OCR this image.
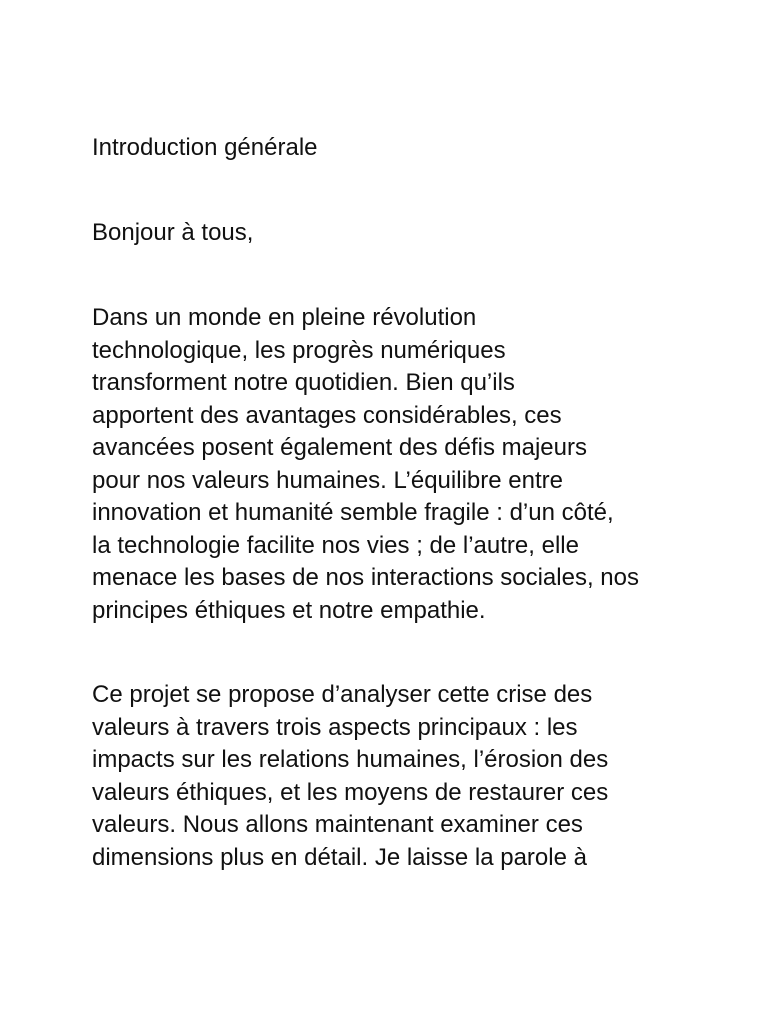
Introduction générale
Bonjour à tous,
Dans un monde en pleine révolution
technologique, les progrès numériques
transforment notre quotidien. Bien qu’ils
apportent des avantages considérables, ces
avancées posent également des défis majeurs
pour nos valeurs humaines. L’équilibre entre
innovation et humanité semble fragile : d’un côté,
la technologie facilite nos vies ; de l’autre, elle
menace les bases de nos interactions sociales, nos
principes éthiques et notre empathie.
Ce projet se propose d’analyser cette crise des
valeurs à travers trois aspects principaux : les
impacts sur les relations humaines, l’érosion des
valeurs éthiques, et les moyens de restaurer ces
valeurs. Nous allons maintenant examiner ces
dimensions plus en détail. Je laisse la parole à
